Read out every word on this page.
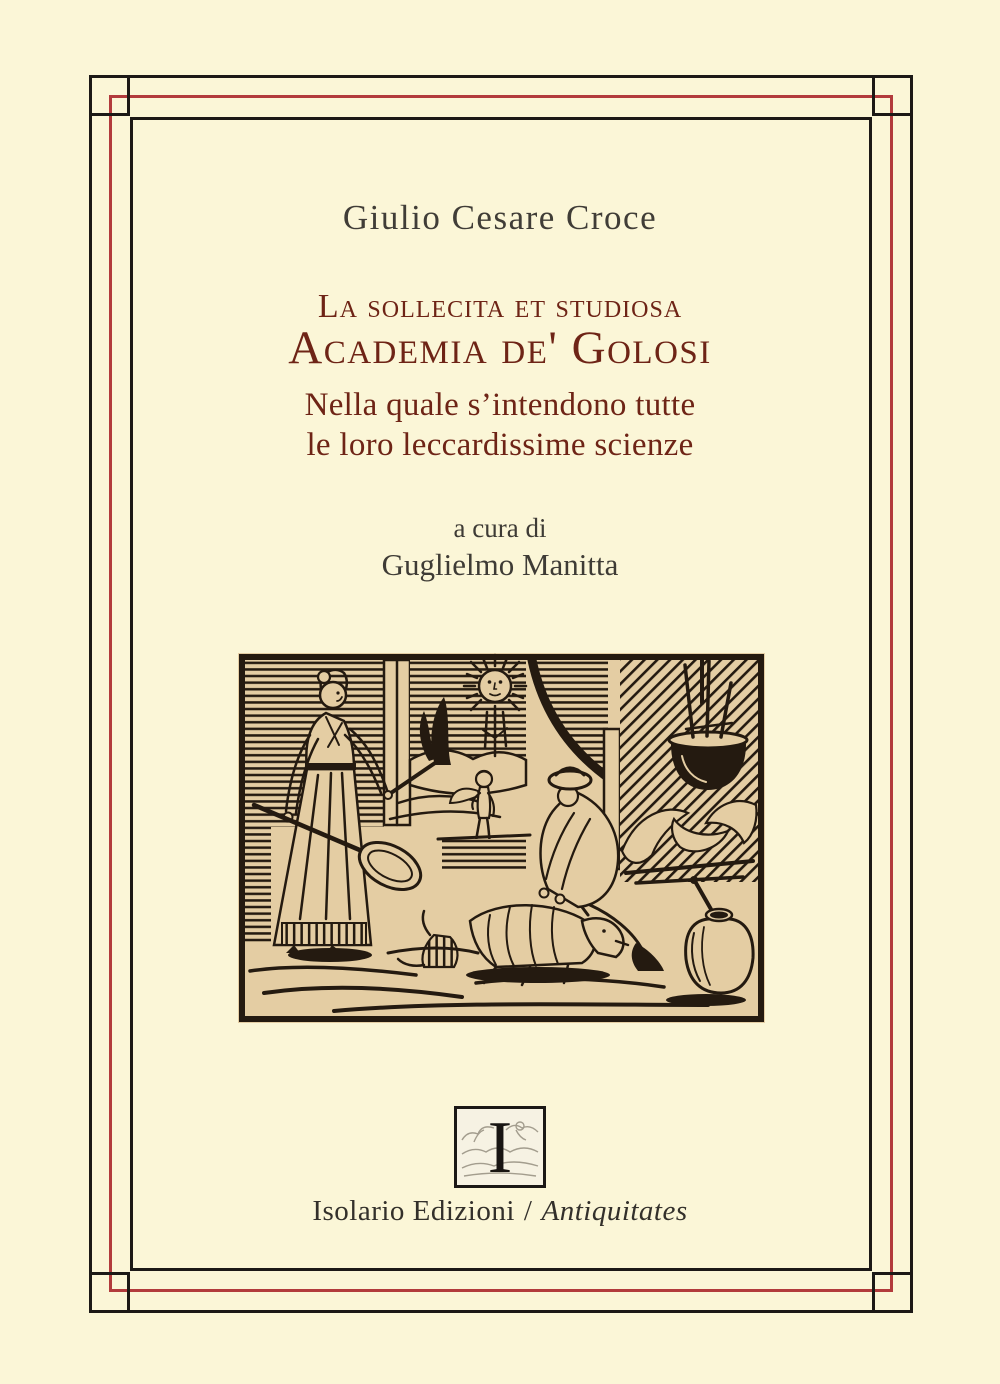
Giulio Cesare Croce
La sollecita et studiosa
Academia de' Golosi
Nella quale s’intendono tutte
le loro leccardissime scienze
a cura di
Guglielmo Manitta
I
Isolario Edizioni / Antiquitates
